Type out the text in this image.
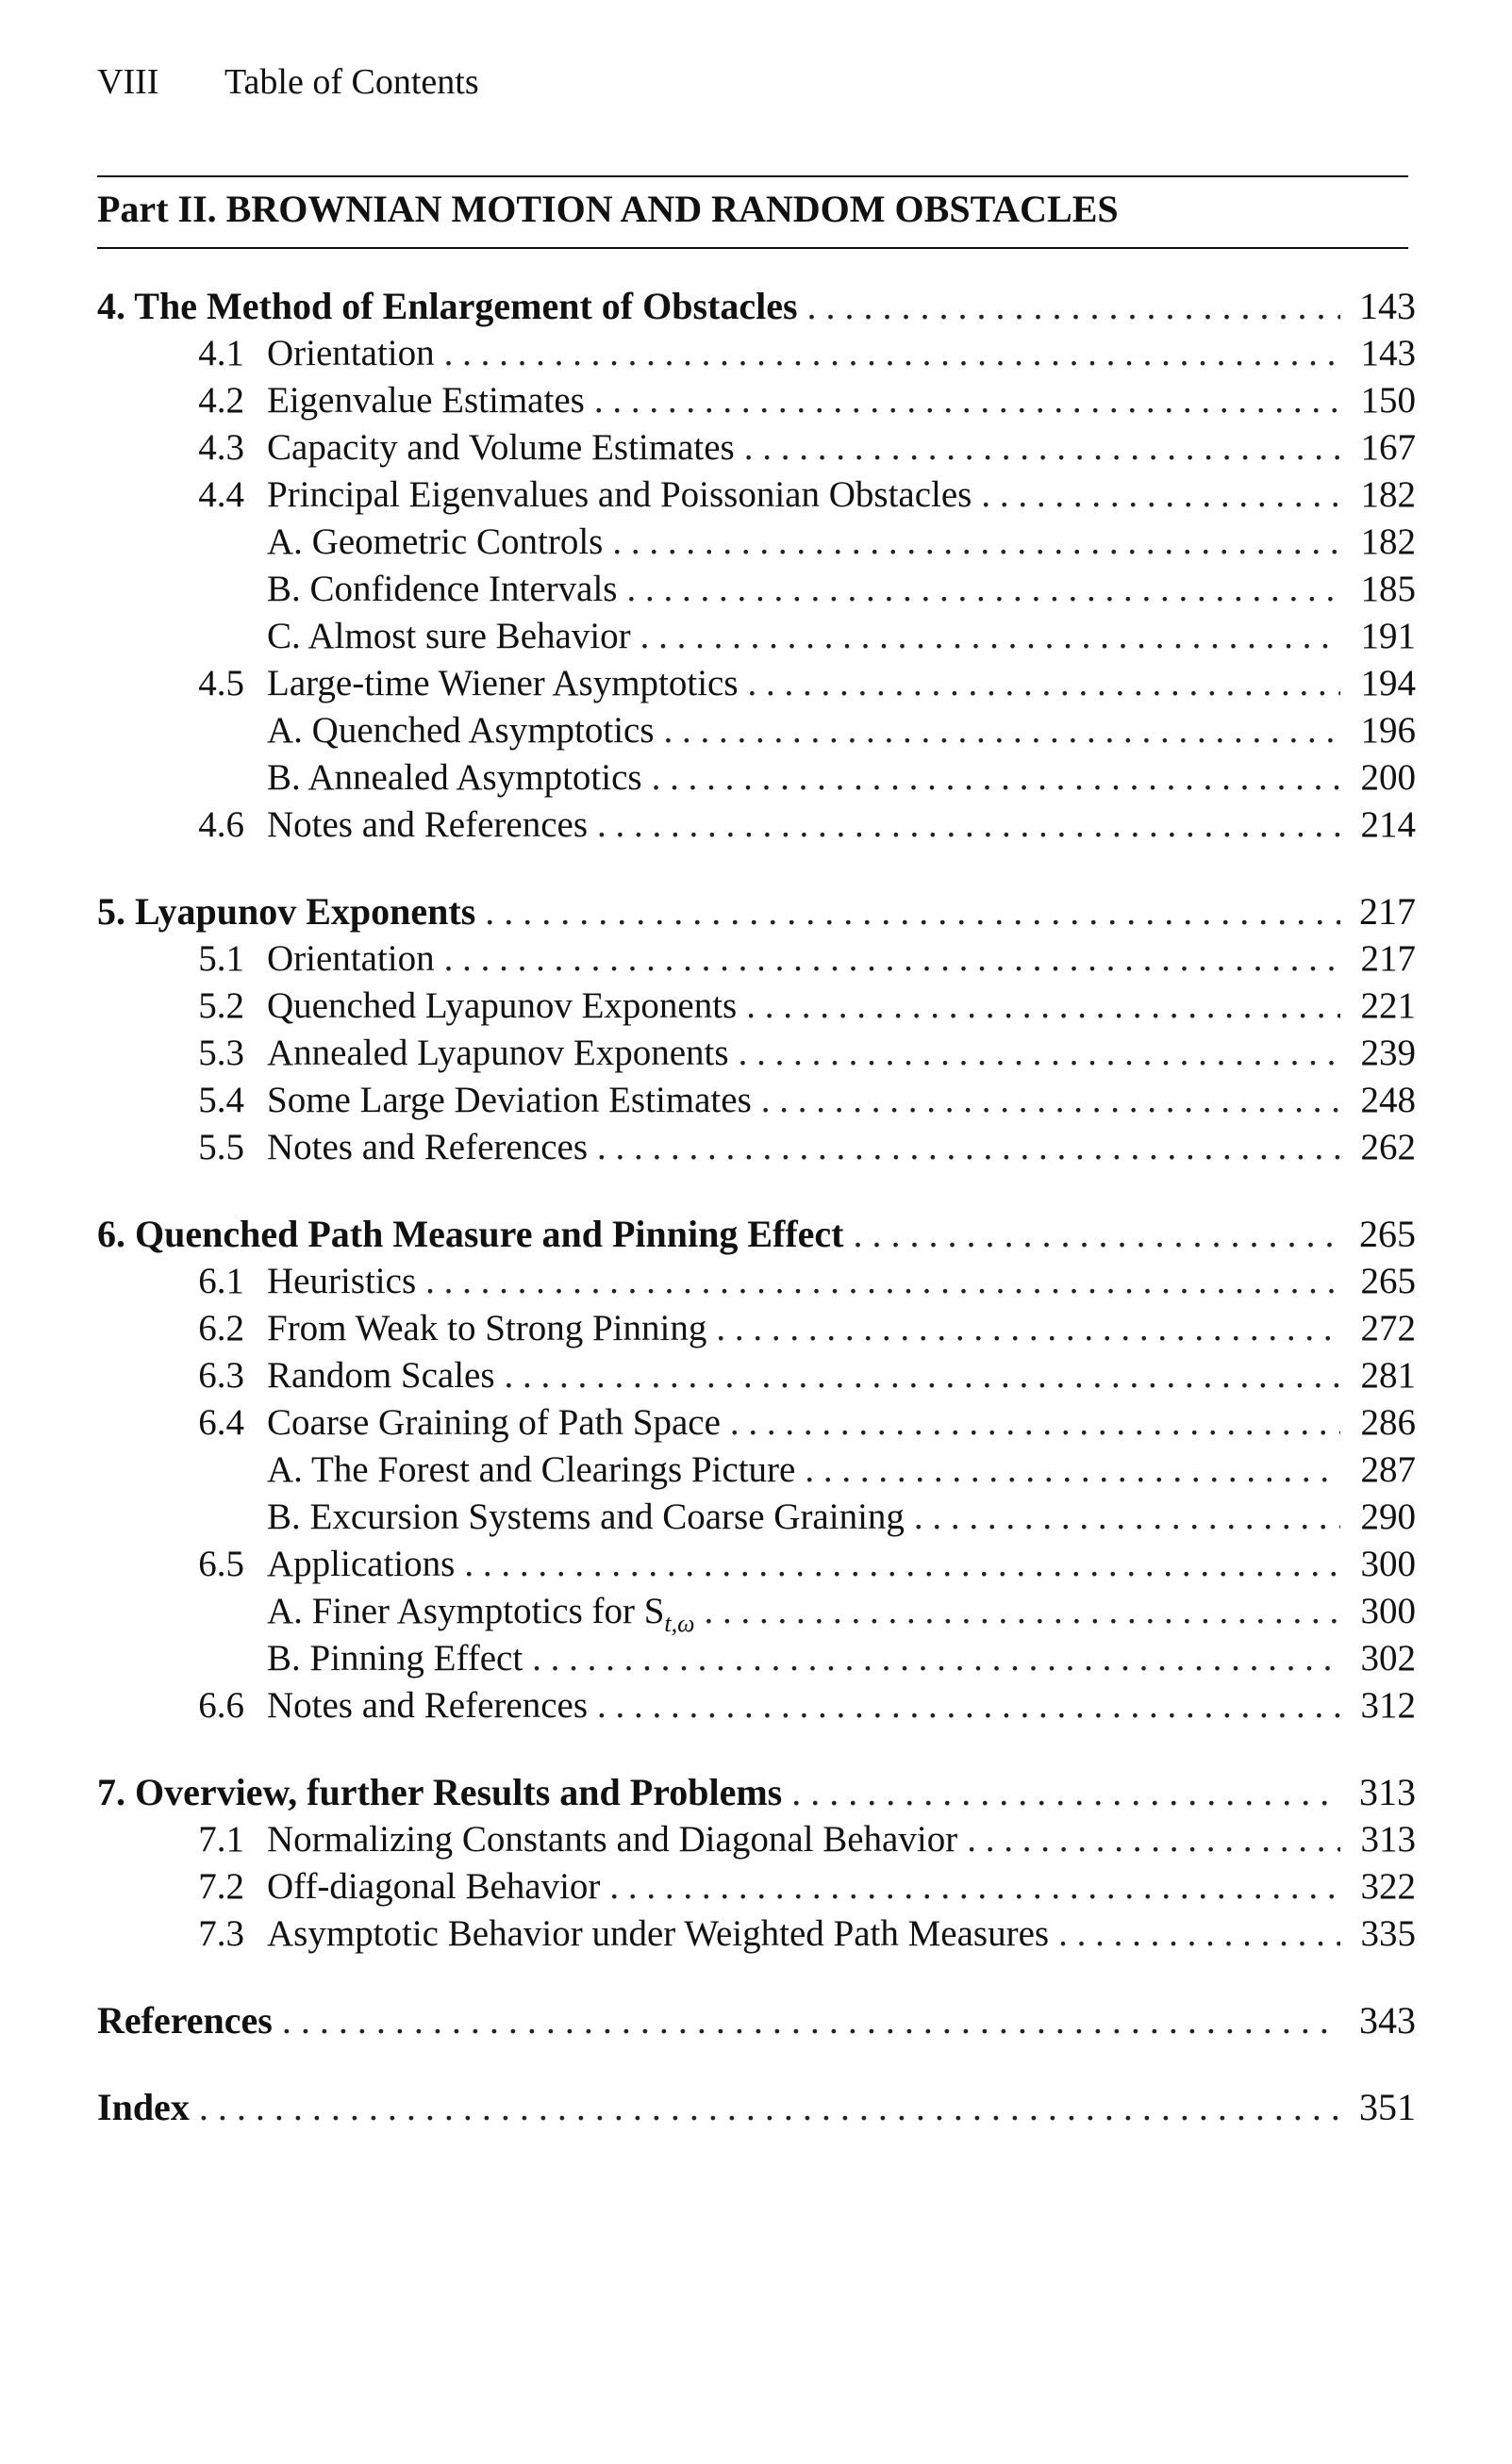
VIII Table of Contents
Part II. BROWNIAN MOTION AND RANDOM OBSTACLES
4. The Method of Enlargement of Obstacles . . .	143
4.1 Orientation . . .	143
4.2 Eigenvalue Estimates . . .	150
4.3 Capacity and Volume Estimates . . .	167
4.4 Principal Eigenvalues and Poissonian Obstacles . . .	182
A. Geometric Controls . . .	182
B. Confidence Intervals . . .	185
C. Almost sure Behavior . . .	191
4.5 Large-time Wiener Asymptotics . . .	194
A. Quenched Asymptotics . . .	196
B. Annealed Asymptotics . . .	200
4.6 Notes and References . . .	214
5. Lyapunov Exponents . . .	217
5.1 Orientation . . .	217
5.2 Quenched Lyapunov Exponents . . .	221
5.3 Annealed Lyapunov Exponents . . .	239
5.4 Some Large Deviation Estimates . . .	248
5.5 Notes and References . . .	262
6. Quenched Path Measure and Pinning Effect . . .	265
6.1 Heuristics . . .	265
6.2 From Weak to Strong Pinning . . .	272
6.3 Random Scales . . .	281
6.4 Coarse Graining of Path Space . . .	286
A. The Forest and Clearings Picture . . .	287
B. Excursion Systems and Coarse Graining . . .	290
6.5 Applications . . .	300
A. Finer Asymptotics for $S_{t,\omega}$ . . .	300
B. Pinning Effect . . .	302
6.6 Notes and References . . .	312
7. Overview, further Results and Problems . . .	313
7.1 Normalizing Constants and Diagonal Behavior . . .	313
7.2 Off-diagonal Behavior . . .	322
7.3 Asymptotic Behavior under Weighted Path Measures . . .	335
References . . .	343
Index . . .	351
